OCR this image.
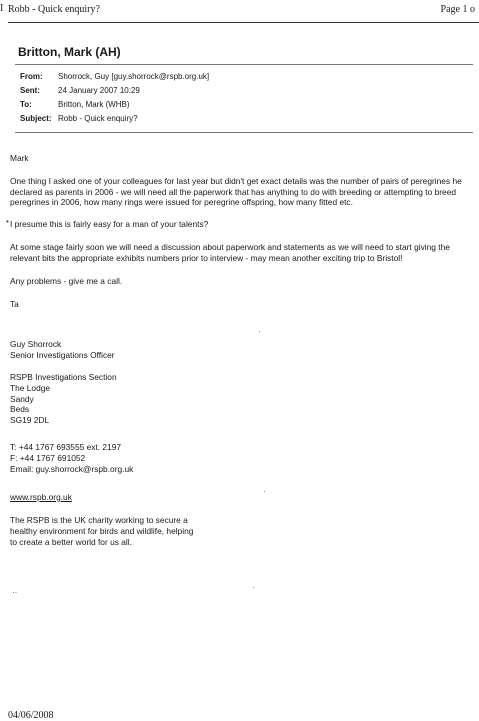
I Robb - Quick enquiry?	Page 1 o
Britton, Mark (AH)
From:	Shorrock, Guy [guy.shorrock@rspb.org.uk]
Sent:	24 January 2007 10:29
To:	Britton, Mark (WHB)
Subject: Robb - Quick enquiry?

Mark

One thing I asked one of your colleagues for last year but didn't get exact details was the number of pairs of peregrines he declared as parents in 2006 - we will need all the paperwork that has anything to do with breeding or attempting to breed peregrines in 2006, how many rings were issued for peregrine offspring, how many fitted etc.

I presume this is fairly easy for a man of your talents?

At some stage fairly soon we will need a discussion about paperwork and statements as we will need to start giving the relevant bits the appropriate exhibits numbers prior to interview - may mean another exciting trip to Bristol!

Any problems - give me a call.

Ta

Guy Shorrock
Senior Investigations Officer
RSPB Investigations Section
The Lodge
Sandy
Beds
SG19 2DL
T: +44 1767 693555 ext. 2197
F: +44 1767 691052
Email: guy.shorrock@rspb.org.uk
www.rspb.org.uk
The RSPB is the UK charity working to secure a
healthy environment for birds and wildlife, helping
to create a better world for us all.
•
·
·
··
·
04/06/2008
